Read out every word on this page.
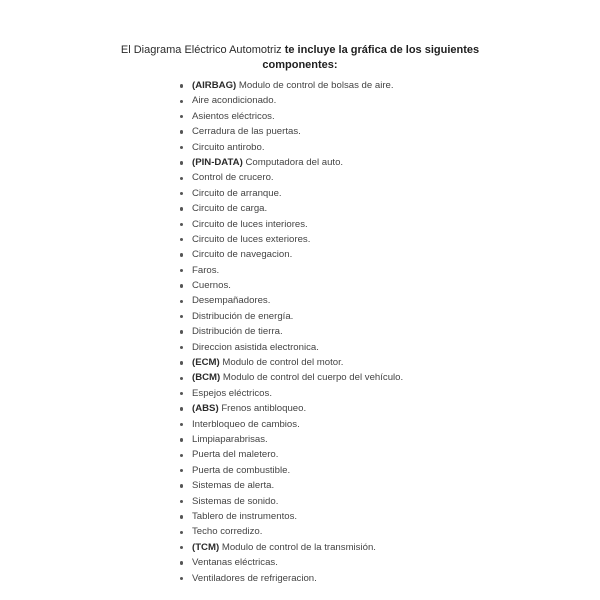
El Diagrama Eléctrico Automotriz te incluye la gráfica de los siguientes
componentes:
(AIRBAG) Modulo de control de bolsas de aire.
Aire acondicionado.
Asientos eléctricos.
Cerradura de las puertas.
Circuito antirobo.
(PIN-DATA) Computadora del auto.
Control de crucero.
Circuito de arranque.
Circuito de carga.
Circuito de luces interiores.
Circuito de luces exteriores.
Circuito de navegacion.
Faros.
Cuernos.
Desempañadores.
Distribución de energía.
Distribución de tierra.
Direccion asistida electronica.
(ECM) Modulo de control del motor.
(BCM) Modulo de control del cuerpo del vehículo.
Espejos eléctricos.
(ABS) Frenos antibloqueo.
Interbloqueo de cambios.
Limpiaparabrisas.
Puerta del maletero.
Puerta de combustible.
Sistemas de alerta.
Sistemas de sonido.
Tablero de instrumentos.
Techo corredizo.
(TCM) Modulo de control de la transmisión.
Ventanas eléctricas.
Ventiladores de refrigeracion.
